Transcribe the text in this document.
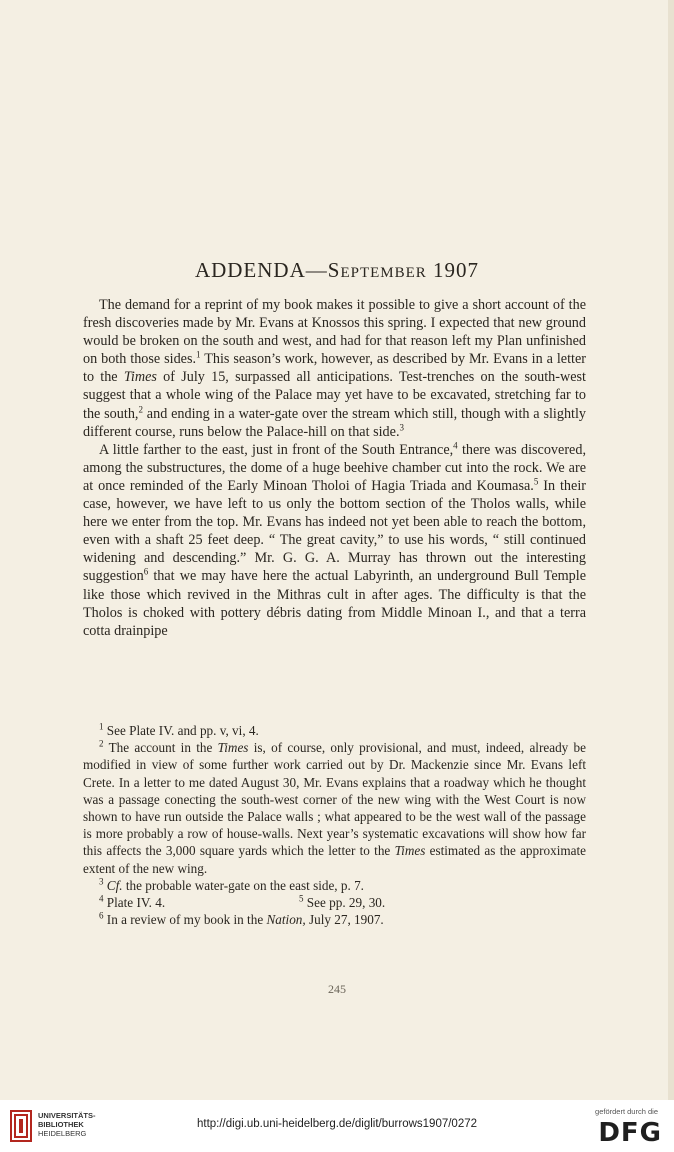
ADDENDA—September 1907

The demand for a reprint of my book makes it possible to give a short account of the fresh discoveries made by Mr. Evans at Knossos this spring. I expected that new ground would be broken on the south and west, and had for that reason left my Plan unfinished on both those sides.$^1$ This season’s work, however, as described by Mr. Evans in a letter to the Times of July 15, surpassed all anticipations. Test-trenches on the south-west suggest that a whole wing of the Palace may yet have to be excavated, stretching far to the south,$^2$ and ending in a water-gate over the stream which still, though with a slightly different course, runs below the Palace-hill on that side.$^3$

A little farther to the east, just in front of the South Entrance,$^4$ there was discovered, among the substructures, the dome of a huge beehive chamber cut into the rock. We are at once reminded of the Early Minoan Tholoi of Hagia Triada and Koumasa.$^5$ In their case, however, we have left to us only the bottom section of the Tholos walls, while here we enter from the top. Mr. Evans has indeed not yet been able to reach the bottom, even with a shaft 25 feet deep. “ The great cavity,” to use his words, “ still continued widening and descending.” Mr. G. G. A. Murray has thrown out the interesting suggestion$^6$ that we may have here the actual Labyrinth, an underground Bull Temple like those which revived in the Mithras cult in after ages. The difficulty is that the Tholos is choked with pottery débris dating from Middle Minoan I., and that a terra cotta drainpipe

$^1$ See Plate IV. and pp. v, vi, 4.

$^2$ The account in the Times is, of course, only provisional, and must, indeed, already be modified in view of some further work carried out by Dr. Mackenzie since Mr. Evans left Crete. In a letter to me dated August 30, Mr. Evans explains that a roadway which he thought was a passage conecting the south-west corner of the new wing with the West Court is now shown to have run outside the Palace walls ; what appeared to be the west wall of the passage is more probably a row of house-walls. Next year’s systematic excavations will show how far this affects the 3,000 square yards which the letter to the Times estimated as the approximate extent of the new wing.

$^3$ Cf. the probable water-gate on the east side, p. 7.

$^4$ Plate IV. 4.	$^5$ See pp. 29, 30.

$^6$ In a review of my book in the Nation, July 27, 1907.

245
UNIVERSITÄTS-
BIBLIOTHEK
HEIDELBERG
http://digi.ub.uni-heidelberg.de/diglit/burrows1907/0272
gefördert durch die
DFG
